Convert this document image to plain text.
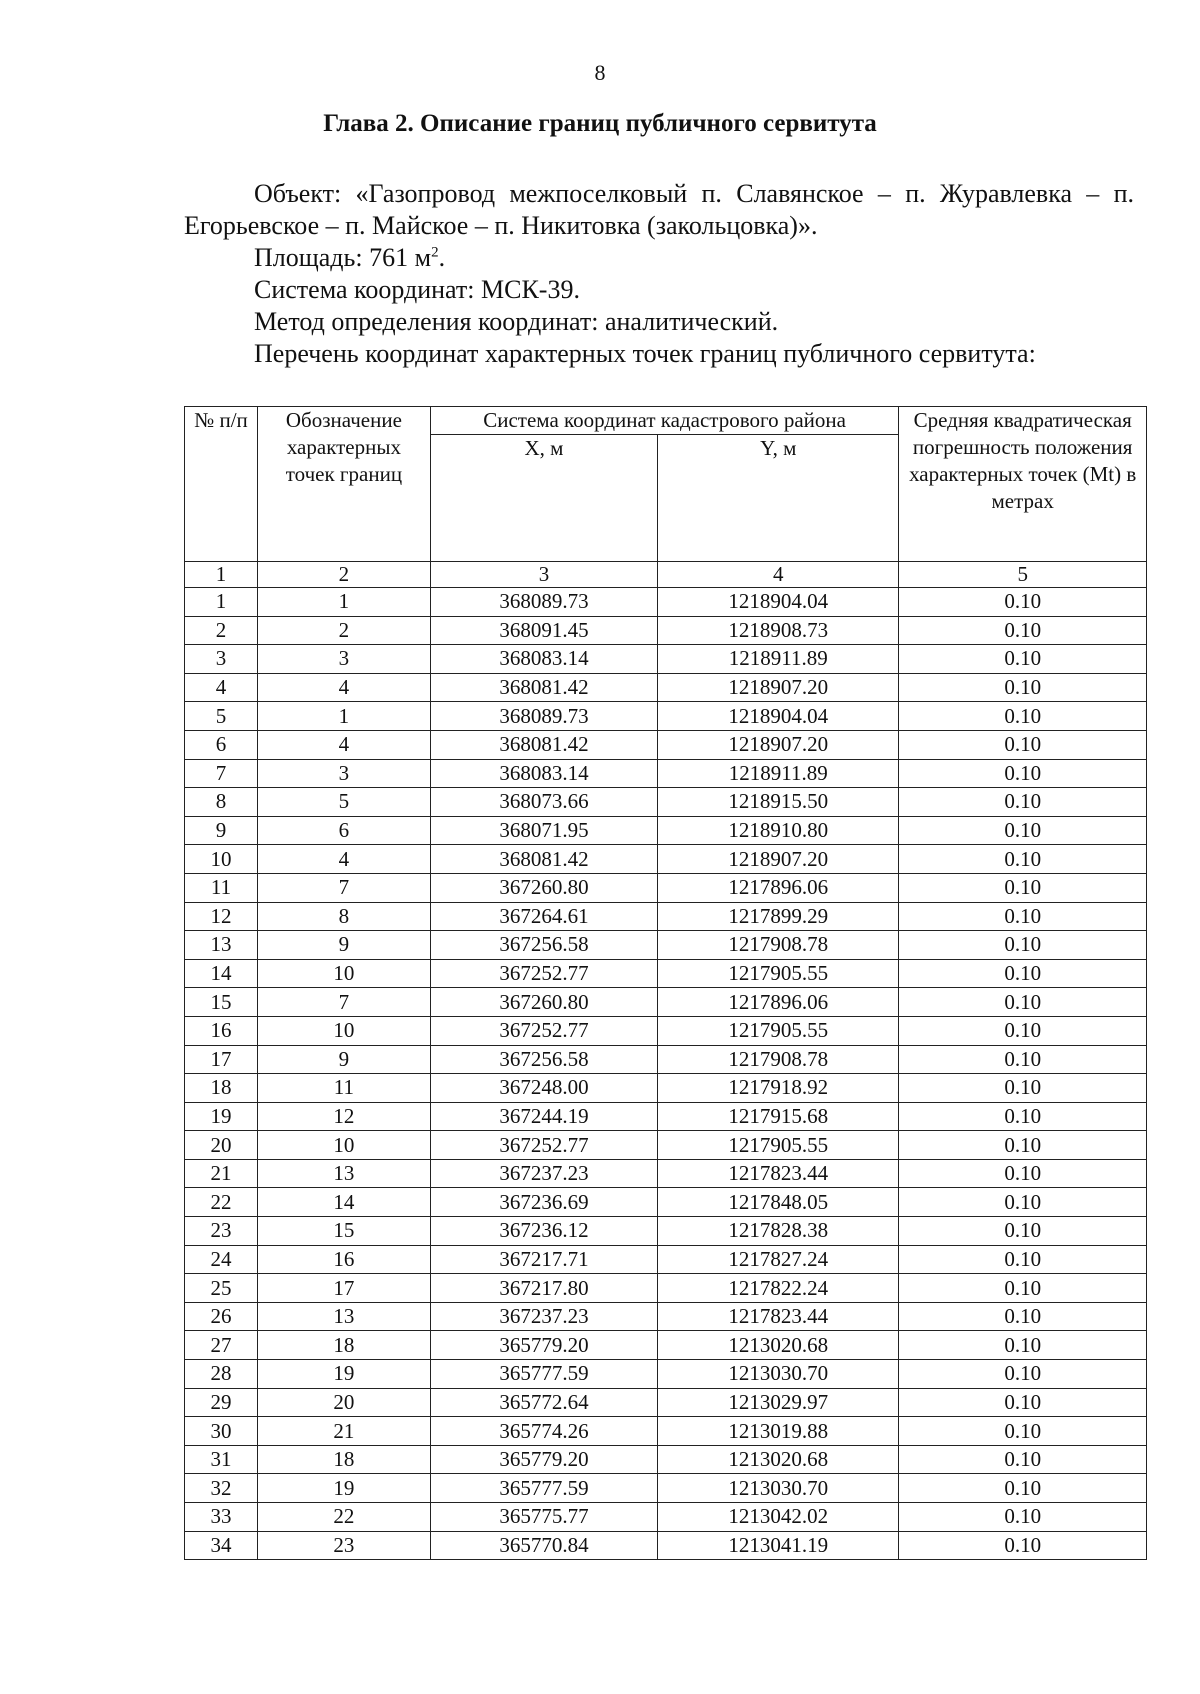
8
Глава 2. Описание границ публичного сервитута

Объект: «Газопровод межпоселковый п. Славянское – п. Журавлевка – п. Егорьевское – п. Майское – п. Никитовка (закольцовка)».

Площадь: 761 $м^2$.

Система координат: МСК-39.

Метод определения координат: аналитический.

Перечень координат характерных точек границ публичного сервитута:

№ п/п	Обозначение характерных точек границ	Система координат кадастрового района		Средняя квадратическая погрешность положения характерных точек (Mt) в метрах
		X, м	Y, м	
1	2	3	4	5
1	1	368089.73	1218904.04	0.10
2	2	368091.45	1218908.73	0.10
3	3	368083.14	1218911.89	0.10
4	4	368081.42	1218907.20	0.10
5	1	368089.73	1218904.04	0.10
6	4	368081.42	1218907.20	0.10
7	3	368083.14	1218911.89	0.10
8	5	368073.66	1218915.50	0.10
9	6	368071.95	1218910.80	0.10
10	4	368081.42	1218907.20	0.10
11	7	367260.80	1217896.06	0.10
12	8	367264.61	1217899.29	0.10
13	9	367256.58	1217908.78	0.10
14	10	367252.77	1217905.55	0.10
15	7	367260.80	1217896.06	0.10
16	10	367252.77	1217905.55	0.10
17	9	367256.58	1217908.78	0.10
18	11	367248.00	1217918.92	0.10
19	12	367244.19	1217915.68	0.10
20	10	367252.77	1217905.55	0.10
21	13	367237.23	1217823.44	0.10
22	14	367236.69	1217848.05	0.10
23	15	367236.12	1217828.38	0.10
24	16	367217.71	1217827.24	0.10
25	17	367217.80	1217822.24	0.10
26	13	367237.23	1217823.44	0.10
27	18	365779.20	1213020.68	0.10
28	19	365777.59	1213030.70	0.10
29	20	365772.64	1213029.97	0.10
30	21	365774.26	1213019.88	0.10
31	18	365779.20	1213020.68	0.10
32	19	365777.59	1213030.70	0.10
33	22	365775.77	1213042.02	0.10
34	23	365770.84	1213041.19	0.10
